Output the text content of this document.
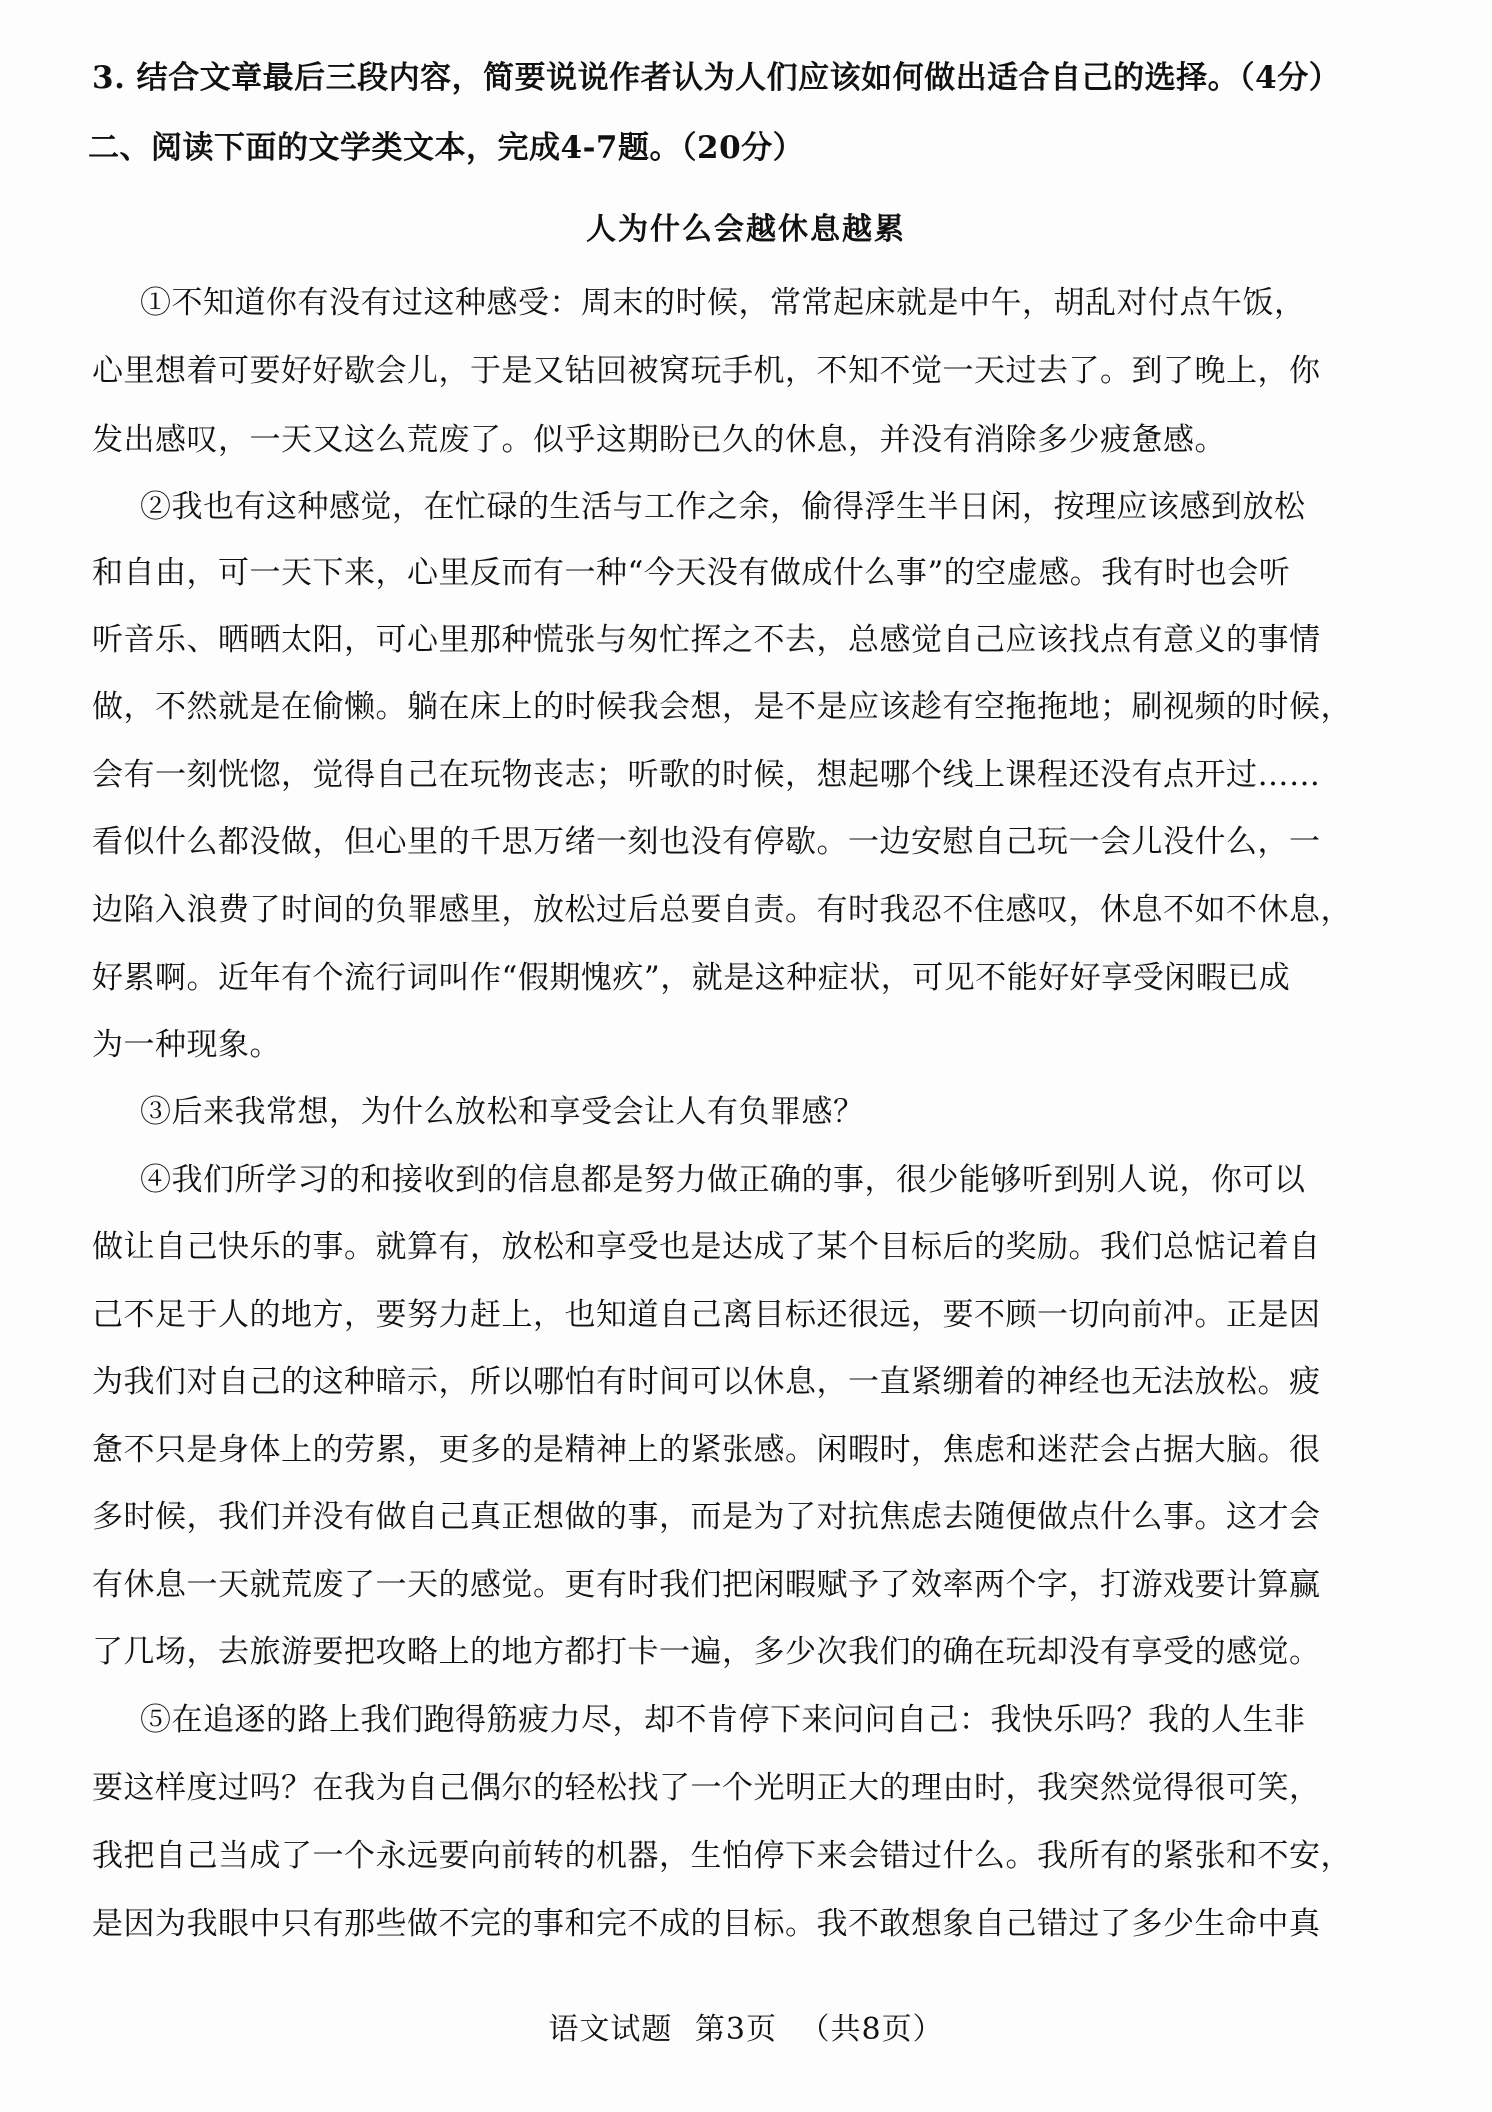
3. 结合文章最后三段内容，简要说说作者认为人们应该如何做出适合自己的选择。（4分）
二、阅读下面的文学类文本，完成4-7题。（20分）
人为什么会越休息越累
①不知道你有没有过这种感受：周末的时候，常常起床就是中午，胡乱对付点午饭，
心里想着可要好好歇会儿，于是又钻回被窝玩手机，不知不觉一天过去了。到了晚上，你
发出感叹，一天又这么荒废了。似乎这期盼已久的休息，并没有消除多少疲惫感。
②我也有这种感觉，在忙碌的生活与工作之余，偷得浮生半日闲，按理应该感到放松
和自由，可一天下来，心里反而有一种“今天没有做成什么事”的空虚感。我有时也会听
听音乐、晒晒太阳，可心里那种慌张与匆忙挥之不去，总感觉自己应该找点有意义的事情
做，不然就是在偷懒。躺在床上的时候我会想，是不是应该趁有空拖拖地；刷视频的时候，
会有一刻恍惚，觉得自己在玩物丧志；听歌的时候，想起哪个线上课程还没有点开过……
看似什么都没做，但心里的千思万绪一刻也没有停歇。一边安慰自己玩一会儿没什么，一
边陷入浪费了时间的负罪感里，放松过后总要自责。有时我忍不住感叹，休息不如不休息，
好累啊。近年有个流行词叫作“假期愧疚”，就是这种症状，可见不能好好享受闲暇已成
为一种现象。
③后来我常想，为什么放松和享受会让人有负罪感？
④我们所学习的和接收到的信息都是努力做正确的事，很少能够听到别人说，你可以
做让自己快乐的事。就算有，放松和享受也是达成了某个目标后的奖励。我们总惦记着自
己不足于人的地方，要努力赶上，也知道自己离目标还很远，要不顾一切向前冲。正是因
为我们对自己的这种暗示，所以哪怕有时间可以休息，一直紧绷着的神经也无法放松。疲
惫不只是身体上的劳累，更多的是精神上的紧张感。闲暇时，焦虑和迷茫会占据大脑。很
多时候，我们并没有做自己真正想做的事，而是为了对抗焦虑去随便做点什么事。这才会
有休息一天就荒废了一天的感觉。更有时我们把闲暇赋予了效率两个字，打游戏要计算赢
了几场，去旅游要把攻略上的地方都打卡一遍，多少次我们的确在玩却没有享受的感觉。
⑤在追逐的路上我们跑得筋疲力尽，却不肯停下来问问自己：我快乐吗？我的人生非
要这样度过吗？在我为自己偶尔的轻松找了一个光明正大的理由时，我突然觉得很可笑，
我把自己当成了一个永远要向前转的机器，生怕停下来会错过什么。我所有的紧张和不安，
是因为我眼中只有那些做不完的事和完不成的目标。我不敢想象自己错过了多少生命中真
语文试题 第3页 （共8页）
